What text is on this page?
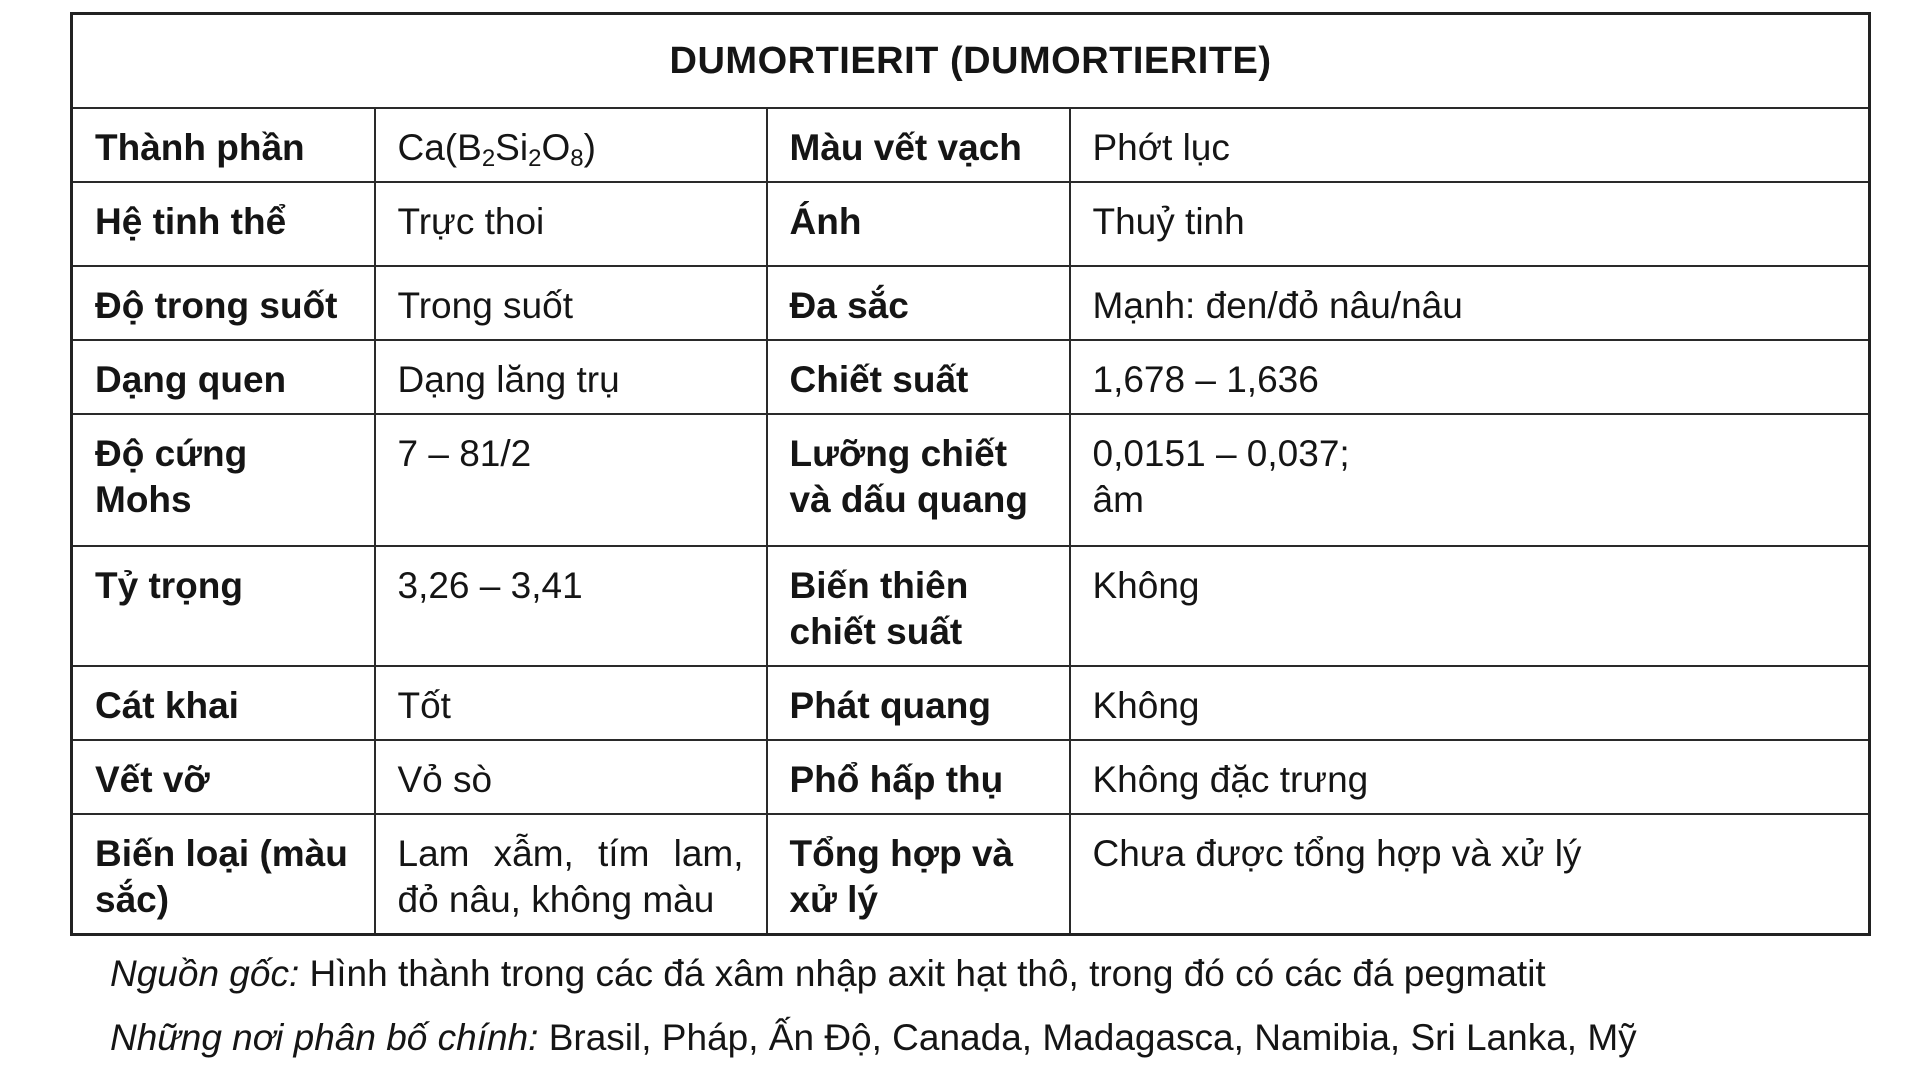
DUMORTIERIT (DUMORTIERITE)			
Thành phần	$Ca(B_2Si_2O_8)$	Màu vết vạch	Phớt lục
Hệ tinh thể	Trực thoi	Ánh	Thuỷ tinh
Độ trong suốt	Trong suốt	Đa sắc	Mạnh: đen/đỏ nâu/nâu
Dạng quen	Dạng lăng trụ	Chiết suất	1,678 – 1,636
Độ cứng Mohs	7 – 81/2	Lưỡng chiết và dấu quang	0,0151 – 0,037;
âm

Tỷ trọng	3,26 – 3,41	Biến thiên chiết suất	Không
Cát khai	Tốt	Phát quang	Không
Vết vỡ	Vỏ sò	Phổ hấp thụ	Không đặc trưng
Biến loại (màu sắc)	Lam xẫm, tím lam, đỏ nâu, không màu	Tổng hợp và xử lý	Chưa được tổng hợp và xử lý
Nguồn gốc: Hình thành trong các đá xâm nhập axit hạt thô, trong đó có các đá pegmatit
Những nơi phân bố chính: Brasil, Pháp, Ấn Độ, Canada, Madagasca, Namibia, Sri Lanka, Mỹ
